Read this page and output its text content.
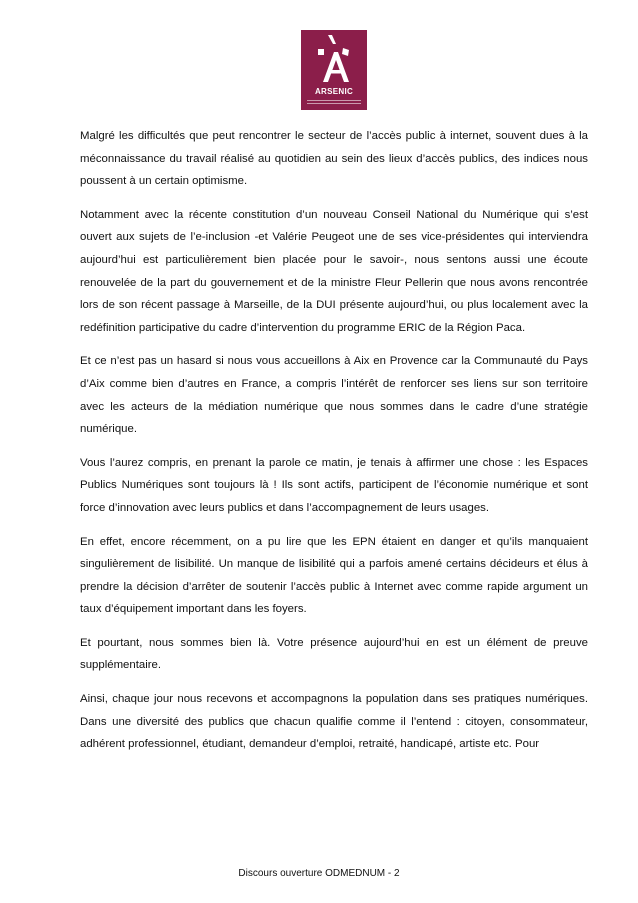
ARSENIC

Malgré les difficultés que peut rencontrer le secteur de l’accès public à internet, souvent dues à la méconnaissance du travail réalisé au quotidien au sein des lieux d’accès publics, des indices nous poussent à un certain optimisme.

Notamment avec la récente constitution d’un nouveau Conseil National du Numérique qui s’est ouvert aux sujets de l’e-inclusion -et Valérie Peugeot une de ses vice-présidentes qui interviendra aujourd’hui est particulièrement bien placée pour le savoir-, nous sentons aussi une écoute renouvelée de la part du gouvernement et de la ministre Fleur Pellerin que nous avons rencontrée lors de son récent passage à Marseille, de la DUI présente aujourd’hui, ou plus localement avec la redéfinition participative du cadre d’intervention du programme ERIC de la Région Paca.

Et ce n’est pas un hasard si nous vous accueillons à Aix en Provence car la Communauté du Pays d’Aix comme bien d’autres en France, a compris l’intérêt de renforcer ses liens sur son territoire avec les acteurs de la médiation numérique que nous sommes dans le cadre d’une stratégie numérique.

Vous l’aurez compris, en prenant la parole ce matin, je tenais à affirmer une chose : les Espaces Publics Numériques sont toujours là ! Ils sont actifs, participent de l’économie numérique et sont force d’innovation avec leurs publics et dans l’accompagnement de leurs usages.

En effet, encore récemment, on a pu lire que les EPN étaient en danger et qu’ils manquaient singulièrement de lisibilité. Un manque de lisibilité qui a parfois amené certains décideurs et élus à prendre la décision d’arrêter de soutenir l’accès public à Internet avec comme rapide argument un taux d’équipement important dans les foyers.

Et pourtant, nous sommes bien là. Votre présence aujourd’hui en est un élément de preuve supplémentaire.

Ainsi, chaque jour nous recevons et accompagnons la population dans ses pratiques numériques. Dans une diversité des publics que chacun qualifie comme il l’entend : citoyen, consommateur, adhérent professionnel, étudiant, demandeur d’emploi, retraité, handicapé, artiste etc. Pour

Discours ouverture ODMEDNUM - 2
